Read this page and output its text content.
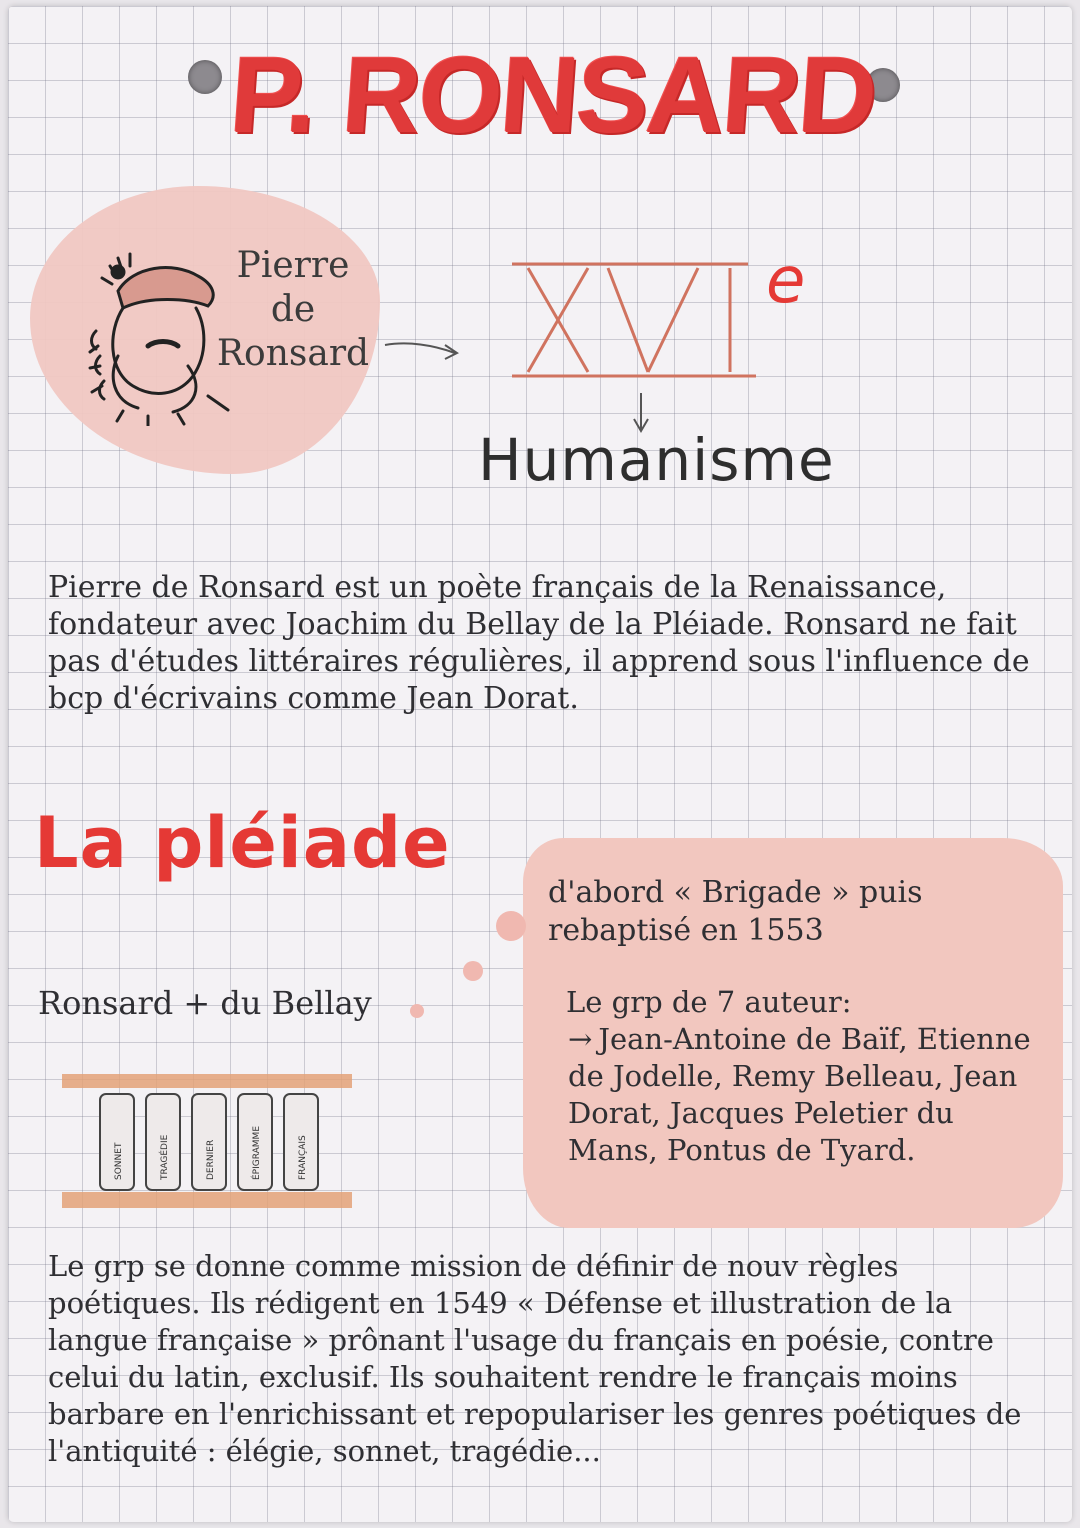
P. RONSARD
Pierre
de
Ronsard
e
Humanisme

Pierre de Ronsard est un poète français de la Renaissance, fondateur avec Joachim du Bellay de la Pléiade. Ronsard ne fait pas d'études littéraires régulières, il apprend sous l'influence de bcp d'écrivains comme Jean Dorat.

La pléiade

d'abord « Brigade » puis rebaptisé en 1553

Le grp de 7 auteur:
→ Jean-Antoine de Baïf, Etienne de Jodelle, Remy Belleau, Jean Dorat, Jacques Peletier du Mans, Pontus de Tyard.
Ronsard + du Bellay
SONNET	TRAGÉDIE	DERNIER	ÉPIGRAMME	FRANÇAIS

Le grp se donne comme mission de définir de nouv règles poétiques. Ils rédigent en 1549 « Défense et illustration de la langue française » prônant l'usage du français en poésie, contre celui du latin, exclusif. Ils souhaitent rendre le français moins barbare en l'enrichissant et repopulariser les genres poétiques de l'antiquité : élégie, sonnet, tragédie...
